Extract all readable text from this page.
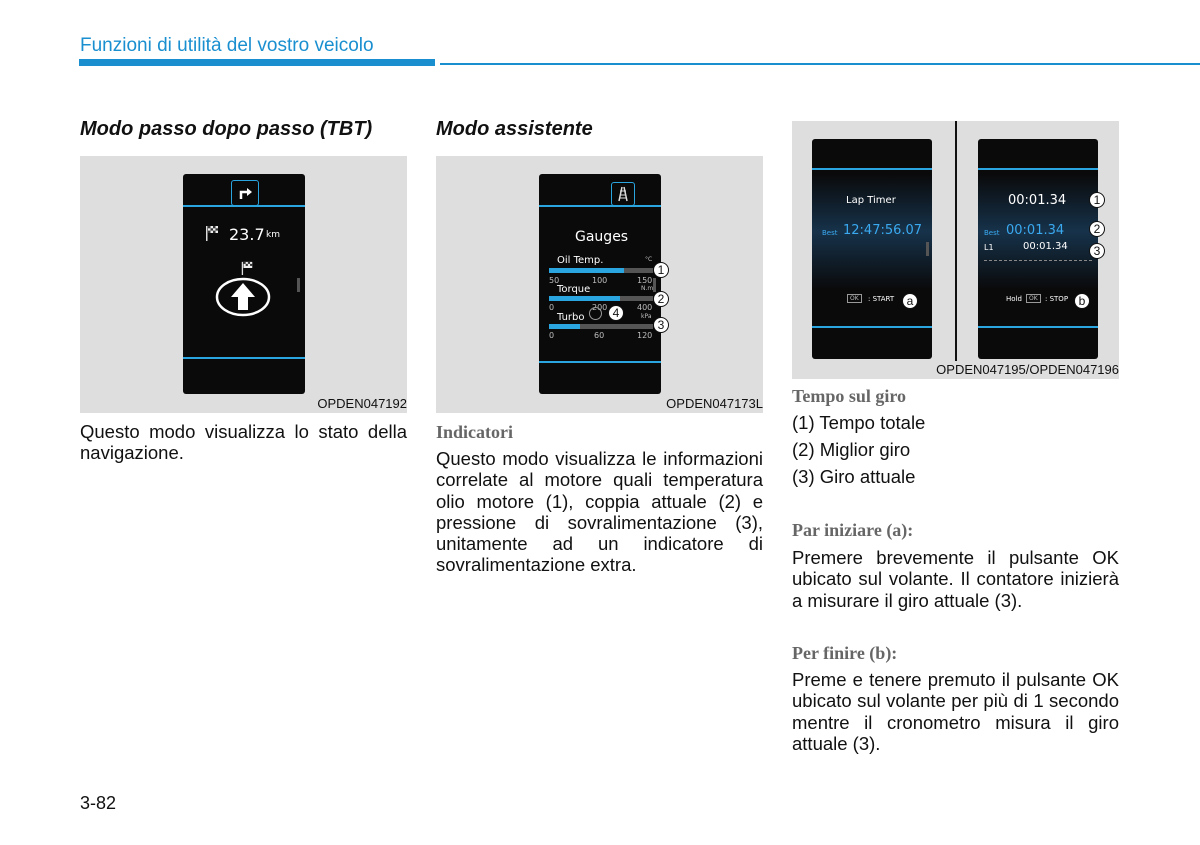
Funzioni di utilità del vostro veicolo
Modo passo dopo passo (TBT)
23.7 km
OPDEN047192
Questo modo visualizza lo stato della navigazione.
Modo assistente
Gauges
Oil Temp.	°C
50	100	150
Torque	N.m
0	200	400
Turbo	kPa
0	60	120
1
2
4
3
OPDEN047173L
Indicatori
Questo modo visualizza le informazioni correlate al motore quali temperatura olio motore (1), coppia attuale (2) e pressione di sovralimentazione (3), unitamente ad un indicatore di sovralimentazione extra.
Lap Timer
Best 12:47:56.07
OK	: START	a
00:01.34
Best 00:01.34
L1	00:01.34
Hold	OK	: STOP
1
2
3
b
OPDEN047195/OPDEN047196
Tempo sul giro
(1) Tempo totale
(2) Miglior giro
(3) Giro attuale
Par iniziare (a):
Premere brevemente il pulsante OK ubicato sul volante. Il contatore inizierà a misurare il giro attuale (3).
Per finire (b):
Preme e tenere premuto il pulsante OK ubicato sul volante per più di 1 secondo mentre il cronometro misura il giro attuale (3).
3-82
